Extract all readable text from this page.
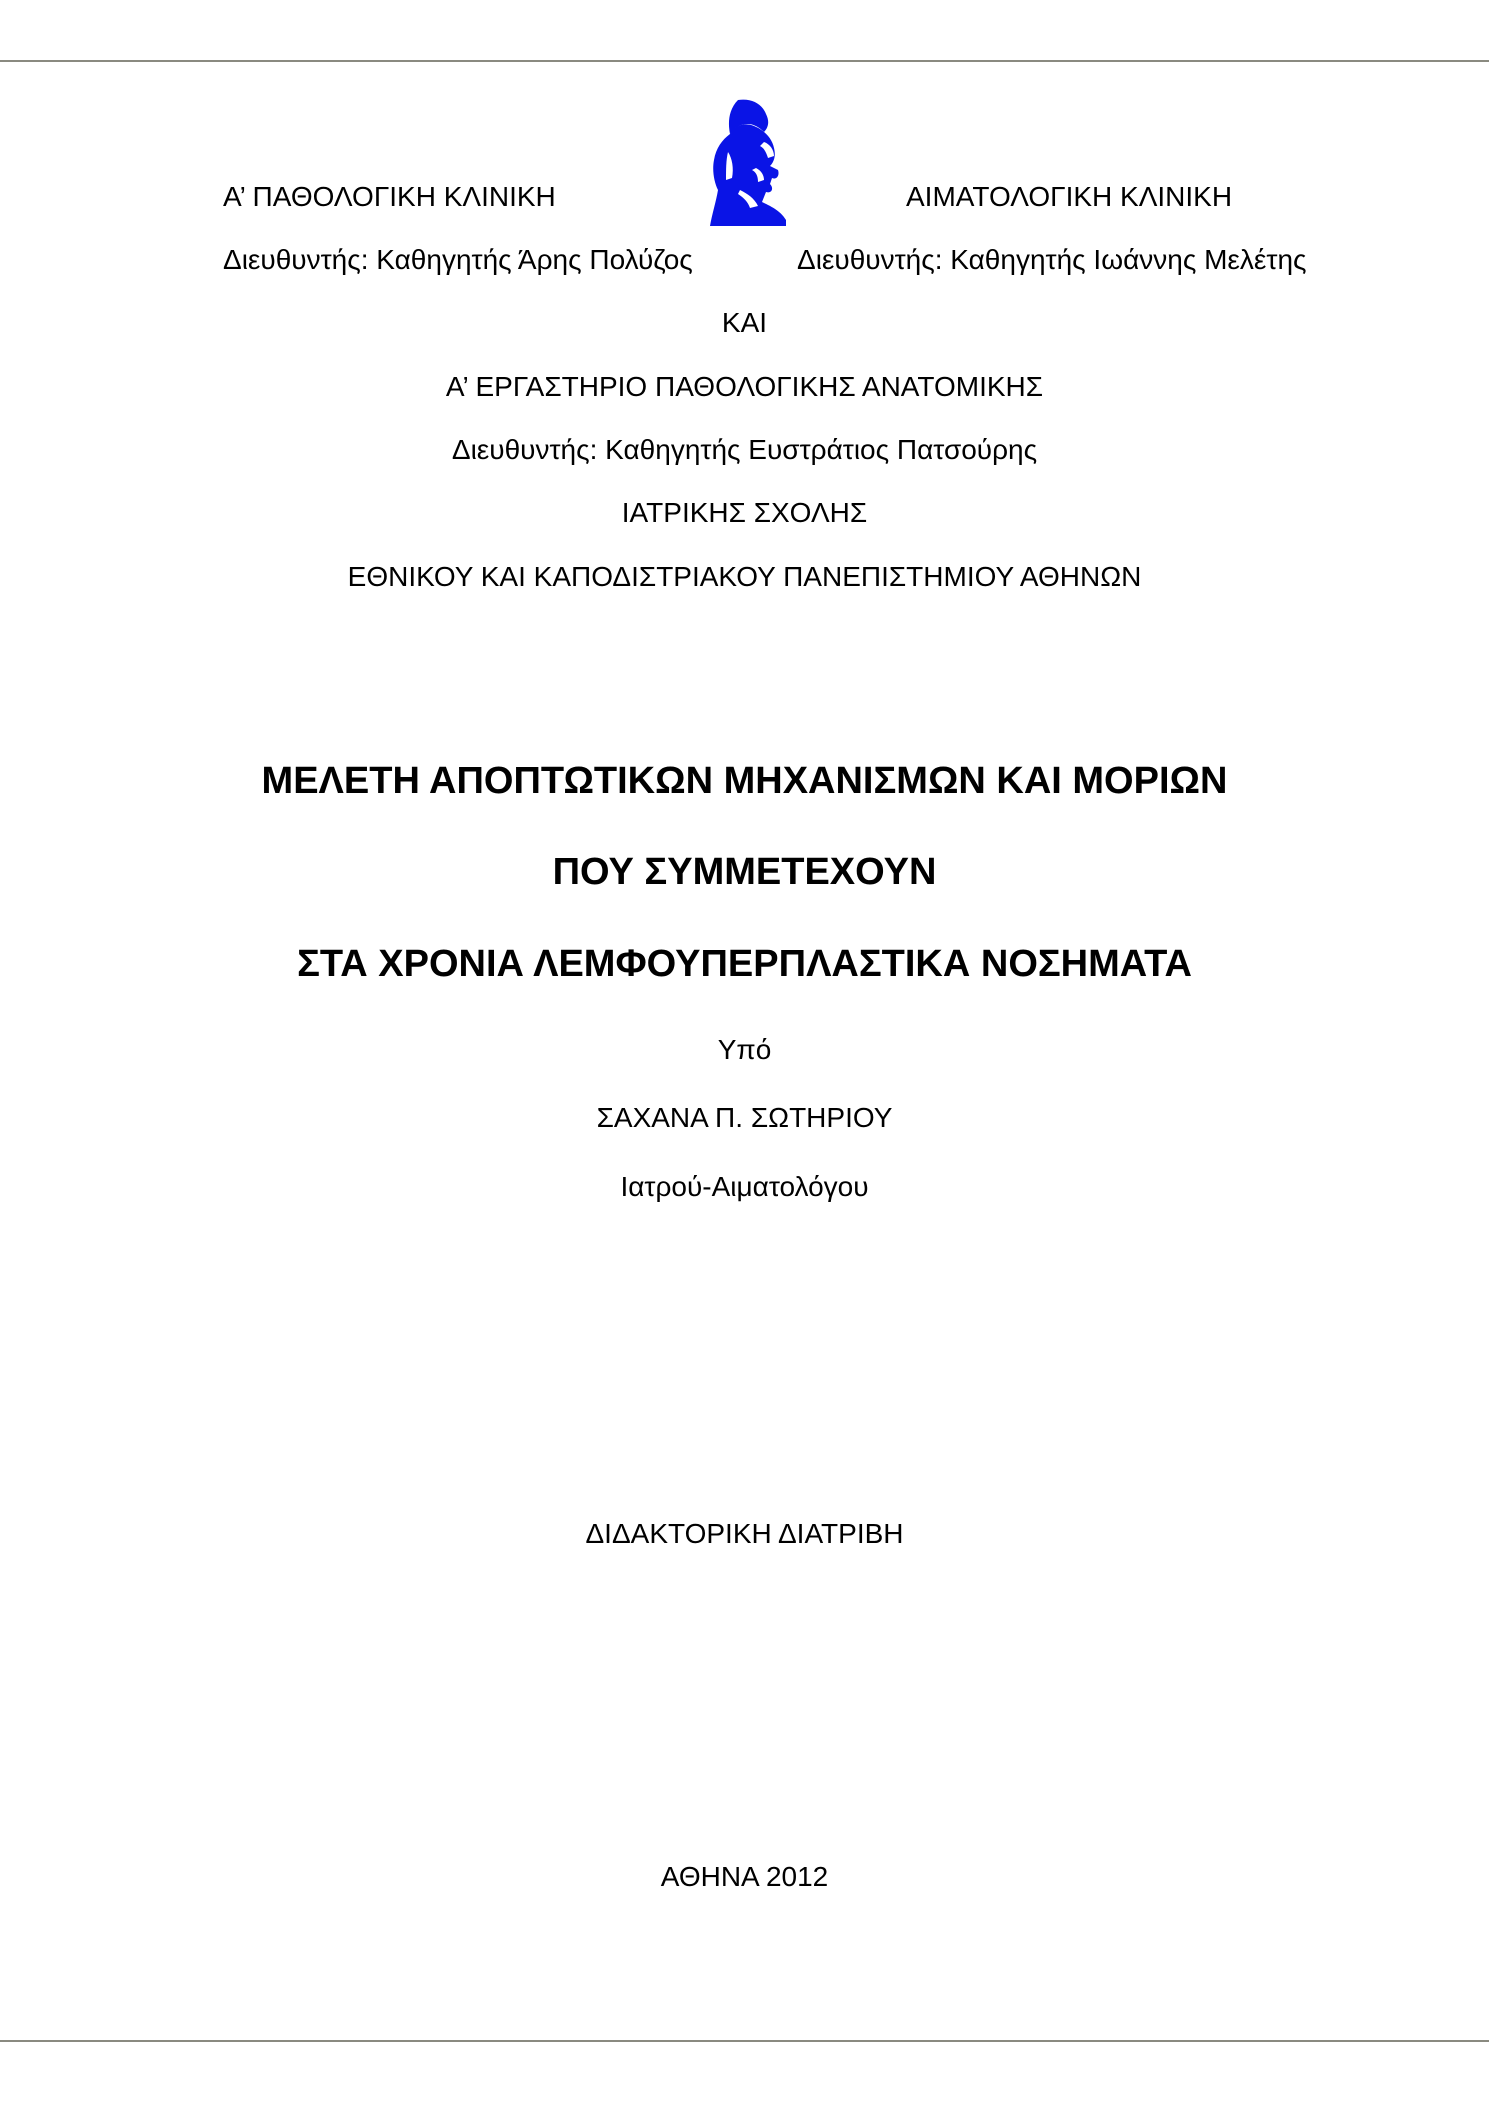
Α’ ΠΑΘΟΛΟΓΙΚΗ ΚΛΙΝΙΚΗ	ΑΙΜΑΤΟΛΟΓΙΚΗ ΚΛΙΝΙΚΗ
Διευθυντής: Καθηγητής Άρης Πολύζος	Διευθυντής: Καθηγητής Ιωάννης Μελέτης
ΚΑΙ
Α’ ΕΡΓΑΣΤΗΡΙΟ ΠΑΘΟΛΟΓΙΚΗΣ ΑΝΑΤΟΜΙΚΗΣ
Διευθυντής: Καθηγητής Ευστράτιος Πατσούρης
ΙΑΤΡΙΚΗΣ ΣΧΟΛΗΣ
ΕΘΝΙΚΟΥ ΚΑΙ ΚΑΠΟΔΙΣΤΡΙΑΚΟΥ ΠΑΝΕΠΙΣΤΗΜΙΟΥ ΑΘΗΝΩΝ
ΜΕΛΕΤΗ ΑΠΟΠΤΩΤΙΚΩΝ ΜΗΧΑΝΙΣΜΩΝ ΚΑΙ ΜΟΡΙΩΝ
ΠΟΥ ΣΥΜΜΕΤΕΧΟΥΝ
ΣΤΑ ΧΡΟΝΙΑ ΛΕΜΦΟΥΠΕΡΠΛΑΣΤΙΚΑ ΝΟΣΗΜΑΤΑ
Υπό
ΣΑΧΑΝΑ Π. ΣΩΤΗΡΙΟΥ
Ιατρού-Αιματολόγου
ΔΙΔΑΚΤΟΡΙΚΗ ΔΙΑΤΡΙΒΗ
ΑΘΗΝΑ 2012
